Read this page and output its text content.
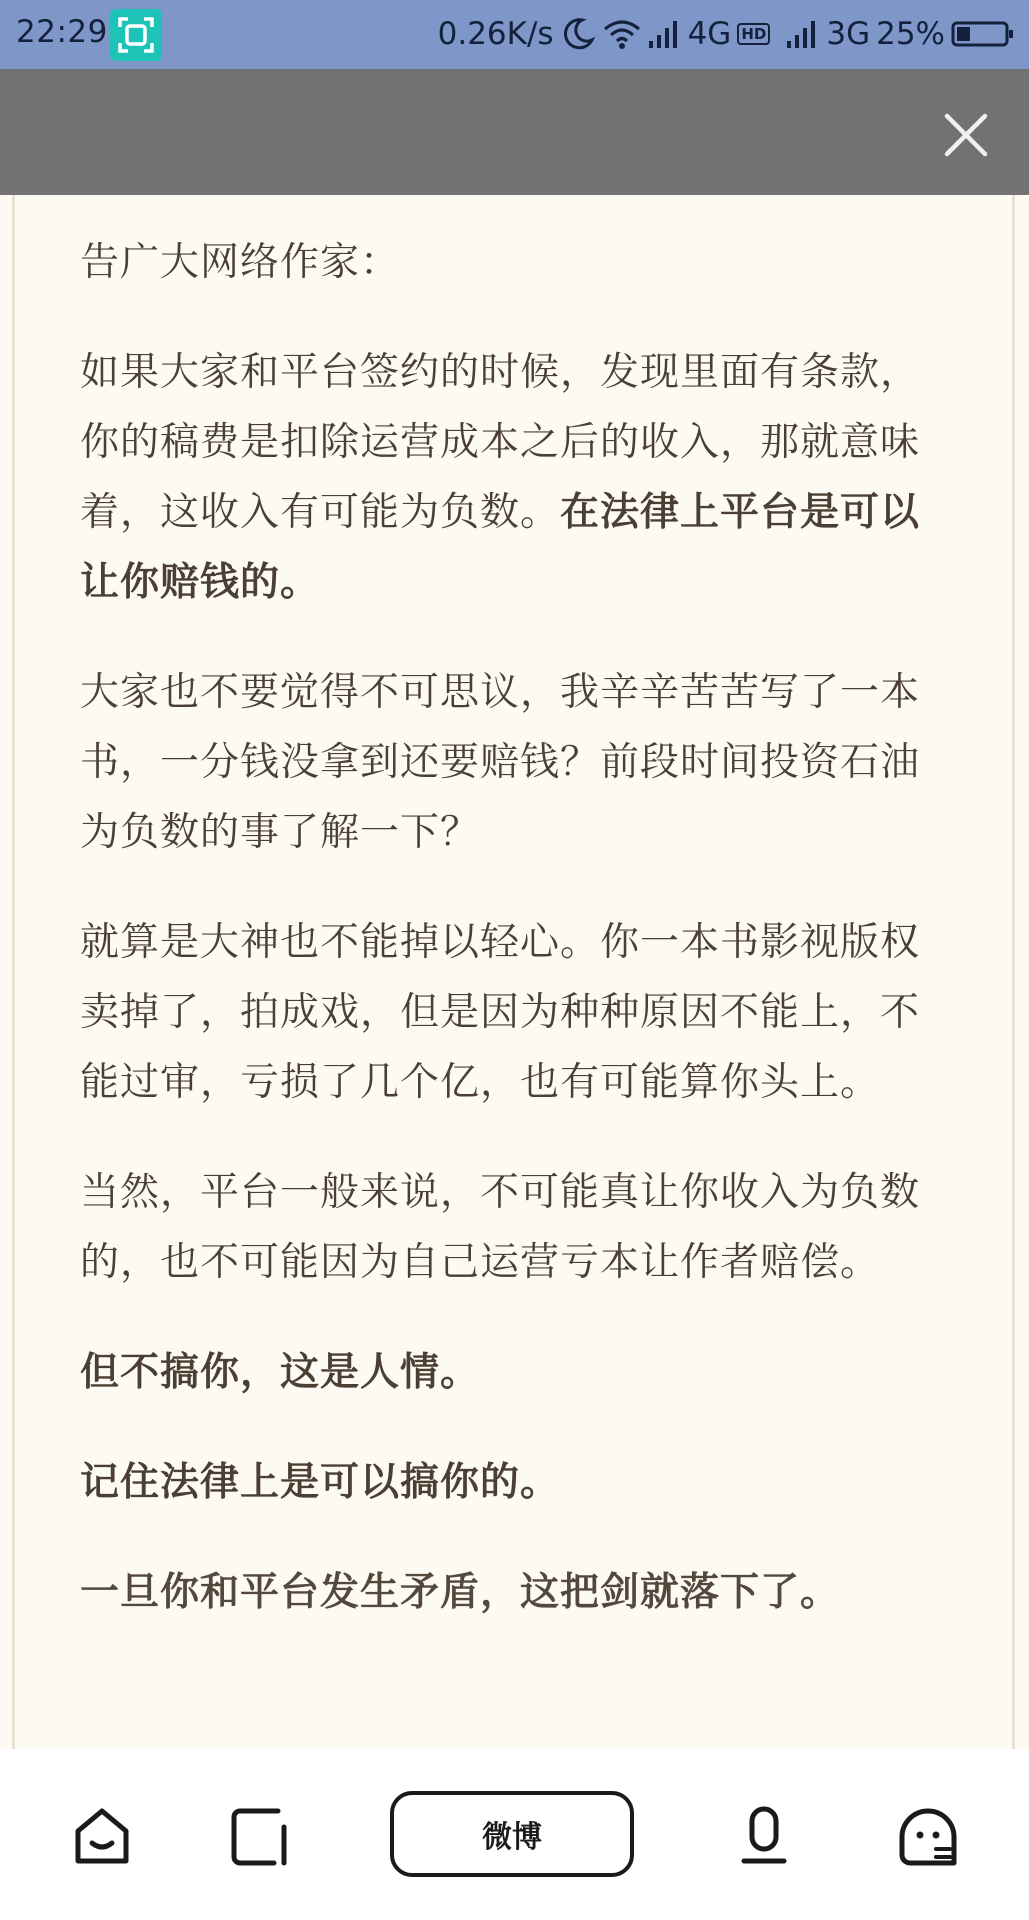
22:29	0.26K/s	4G HD 3G 25%

告广大网络作家：

如果大家和平台签约的时候，发现里面有条款，你的稿费是扣除运营成本之后的收入，那就意味着，这收入有可能为负数。在法律上平台是可以让你赔钱的。

大家也不要觉得不可思议，我辛辛苦苦写了一本书，一分钱没拿到还要赔钱？前段时间投资石油为负数的事了解一下？

就算是大神也不能掉以轻心。你一本书影视版权卖掉了，拍成戏，但是因为种种原因不能上，不能过审，亏损了几个亿，也有可能算你头上。

当然，平台一般来说，不可能真让你收入为负数的，也不可能因为自己运营亏本让作者赔偿。

但不搞你，这是人情。

记住法律上是可以搞你的。

一旦你和平台发生矛盾，这把剑就落下了。

微博
